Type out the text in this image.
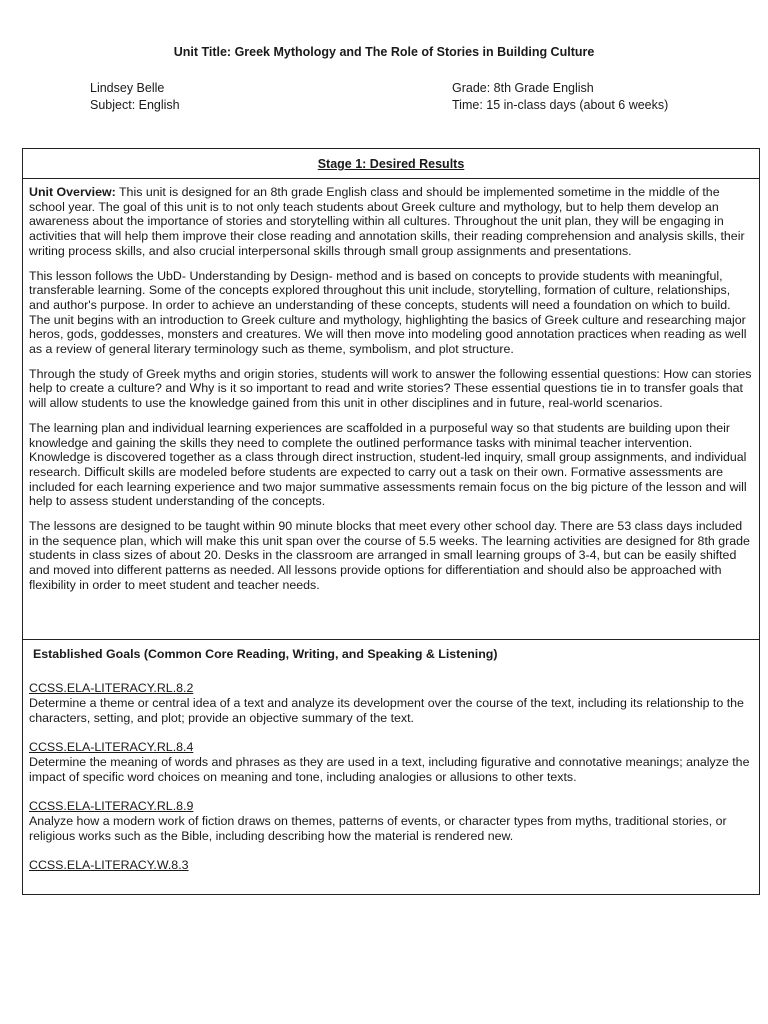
Unit Title: Greek Mythology and The Role of Stories in Building Culture
Lindsey Belle
Subject: English
Grade: 8th Grade English
Time: 15 in-class days (about 6 weeks)
Stage 1: Desired Results

Unit Overview: This unit is designed for an 8th grade English class and should be implemented sometime in the middle of the school year. The goal of this unit is to not only teach students about Greek culture and mythology, but to help them develop an awareness about the importance of stories and storytelling within all cultures. Throughout the unit plan, they will be engaging in activities that will help them improve their close reading and annotation skills, their reading comprehension and analysis skills, their writing process skills, and also crucial interpersonal skills through small group assignments and presentations.

This lesson follows the UbD- Understanding by Design- method and is based on concepts to provide students with meaningful, transferable learning. Some of the concepts explored throughout this unit include, storytelling, formation of culture, relationships, and author's purpose. In order to achieve an understanding of these concepts, students will need a foundation on which to build. The unit begins with an introduction to Greek culture and mythology, highlighting the basics of Greek culture and researching major heros, gods, goddesses, monsters and creatures. We will then move into modeling good annotation practices when reading as well as a review of general literary terminology such as theme, symbolism, and plot structure.

Through the study of Greek myths and origin stories, students will work to answer the following essential questions: How can stories help to create a culture? and Why is it so important to read and write stories? These essential questions tie in to transfer goals that will allow students to use the knowledge gained from this unit in other disciplines and in future, real-world scenarios.

The learning plan and individual learning experiences are scaffolded in a purposeful way so that students are building upon their knowledge and gaining the skills they need to complete the outlined performance tasks with minimal teacher intervention. Knowledge is discovered together as a class through direct instruction, student-led inquiry, small group assignments, and individual research. Difficult skills are modeled before students are expected to carry out a task on their own. Formative assessments are included for each learning experience and two major summative assessments remain focus on the big picture of the lesson and will help to assess student understanding of the concepts.

The lessons are designed to be taught within 90 minute blocks that meet every other school day. There are 53 class days included in the sequence plan, which will make this unit span over the course of 5.5 weeks. The learning activities are designed for 8th grade students in class sizes of about 20. Desks in the classroom are arranged in small learning groups of 3-4, but can be easily shifted and moved into different patterns as needed. All lessons provide options for differentiation and should also be approached with flexibility in order to meet student and teacher needs.

Established Goals (Common Core Reading, Writing, and Speaking & Listening)
CCSS.ELA-LITERACY.RL.8.2
Determine a theme or central idea of a text and analyze its development over the course of the text, including its relationship to the characters, setting, and plot; provide an objective summary of the text.
CCSS.ELA-LITERACY.RL.8.4
Determine the meaning of words and phrases as they are used in a text, including figurative and connotative meanings; analyze the impact of specific word choices on meaning and tone, including analogies or allusions to other texts.
CCSS.ELA-LITERACY.RL.8.9
Analyze how a modern work of fiction draws on themes, patterns of events, or character types from myths, traditional stories, or religious works such as the Bible, including describing how the material is rendered new.
CCSS.ELA-LITERACY.W.8.3
